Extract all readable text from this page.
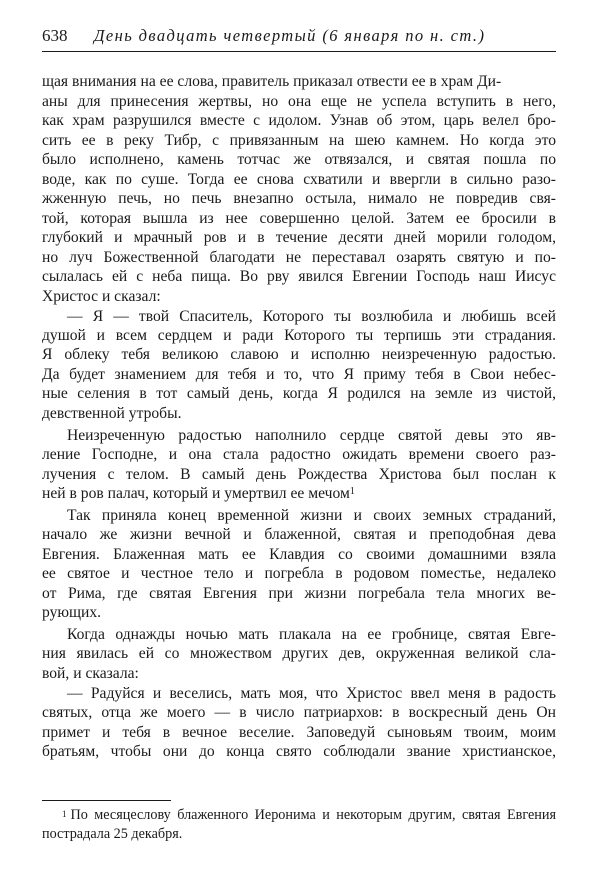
638 День двадцать четвертый (6 января по н. ст.)
щая внимания на ее слова, правитель приказал отвести ее в храм Ди-
аны для принесения жертвы, но она еще не успела вступить в него,
как храм разрушился вместе с идолом. Узнав об этом, царь велел бро-
сить ее в реку Тибр, с привязанным на шею камнем. Но когда это
было исполнено, камень тотчас же отвязался, и святая пошла по
воде, как по суше. Тогда ее снова схватили и ввергли в сильно разо-
жженную печь, но печь внезапно остыла, нимало не повредив свя-
той, которая вышла из нее совершенно целой. Затем ее бросили в
глубокий и мрачный ров и в течение десяти дней морили голодом,
но луч Божественной благодати не переставал озарять святую и по-
сылалась ей с неба пища. Во рву явился Евгении Господь наш Иисус
Христос и сказал:
— Я — твой Спаситель, Которого ты возлюбила и любишь всей
душой и всем сердцем и ради Которого ты терпишь эти страдания.
Я облеку тебя великою славою и исполню неизреченную радостью.
Да будет знамением для тебя и то, что Я приму тебя в Свои небес-
ные селения в тот самый день, когда Я родился на земле из чистой,
девственной утробы.
Неизреченную радостью наполнило сердце святой девы это яв-
ление Господне, и она стала радостно ожидать времени своего раз-
лучения с телом. В самый день Рождества Христова был послан к
ней в ров палач, который и умертвил ее мечом$^1$
Так приняла конец временной жизни и своих земных страданий,
начало же жизни вечной и блаженной, святая и преподобная дева
Евгения. Блаженная мать ее Клавдия со своими домашними взяла
ее святое и честное тело и погребла в родовом поместье, недалеко
от Рима, где святая Евгения при жизни погребала тела многих ве-
рующих.
Когда однажды ночью мать плакала на ее гробнице, святая Евге-
ния явилась ей со множеством других дев, окруженная великой сла-
вой, и сказала:
— Радуйся и веселись, мать моя, что Христос ввел меня в радость
святых, отца же моего — в число патриархов: в воскресный день Он
примет и тебя в вечное веселие. Заповедуй сыновьям твоим, моим
братьям, чтобы они до конца свято соблюдали звание христианское,
$^1$ По месяцеслову блаженного Иеронима и некоторым другим, святая Евгения
пострадала 25 декабря.
